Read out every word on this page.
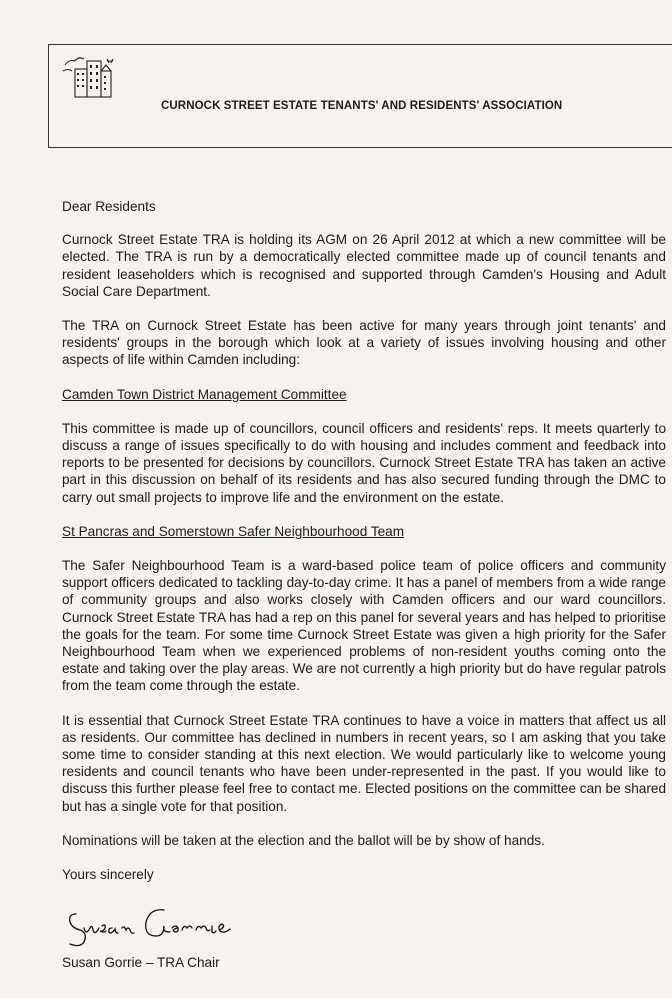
CURNOCK STREET ESTATE TENANTS' AND RESIDENTS' ASSOCIATION

Dear Residents

Curnock Street Estate TRA is holding its AGM on 26 April 2012 at which a new committee will be elected. The TRA is run by a democratically elected committee made up of council tenants and resident leaseholders which is recognised and supported through Camden's Housing and Adult Social Care Department.

The TRA on Curnock Street Estate has been active for many years through joint tenants' and residents' groups in the borough which look at a variety of issues involving housing and other aspects of life within Camden including:

Camden Town District Management Committee

This committee is made up of councillors, council officers and residents' reps. It meets quarterly to discuss a range of issues specifically to do with housing and includes comment and feedback into reports to be presented for decisions by councillors. Curnock Street Estate TRA has taken an active part in this discussion on behalf of its residents and has also secured funding through the DMC to carry out small projects to improve life and the environment on the estate.

St Pancras and Somerstown Safer Neighbourhood Team

The Safer Neighbourhood Team is a ward-based police team of police officers and community support officers dedicated to tackling day-to-day crime. It has a panel of members from a wide range of community groups and also works closely with Camden officers and our ward councillors. Curnock Street Estate TRA has had a rep on this panel for several years and has helped to prioritise the goals for the team. For some time Curnock Street Estate was given a high priority for the Safer Neighbourhood Team when we experienced problems of non-resident youths coming onto the estate and taking over the play areas. We are not currently a high priority but do have regular patrols from the team come through the estate.

It is essential that Curnock Street Estate TRA continues to have a voice in matters that affect us all as residents. Our committee has declined in numbers in recent years, so I am asking that you take some time to consider standing at this next election. We would particularly like to welcome young residents and council tenants who have been under-represented in the past. If you would like to discuss this further please feel free to contact me. Elected positions on the committee can be shared but has a single vote for that position.

Nominations will be taken at the election and the ballot will be by show of hands.

Yours sincerely

Susan Gorrie – TRA Chair
